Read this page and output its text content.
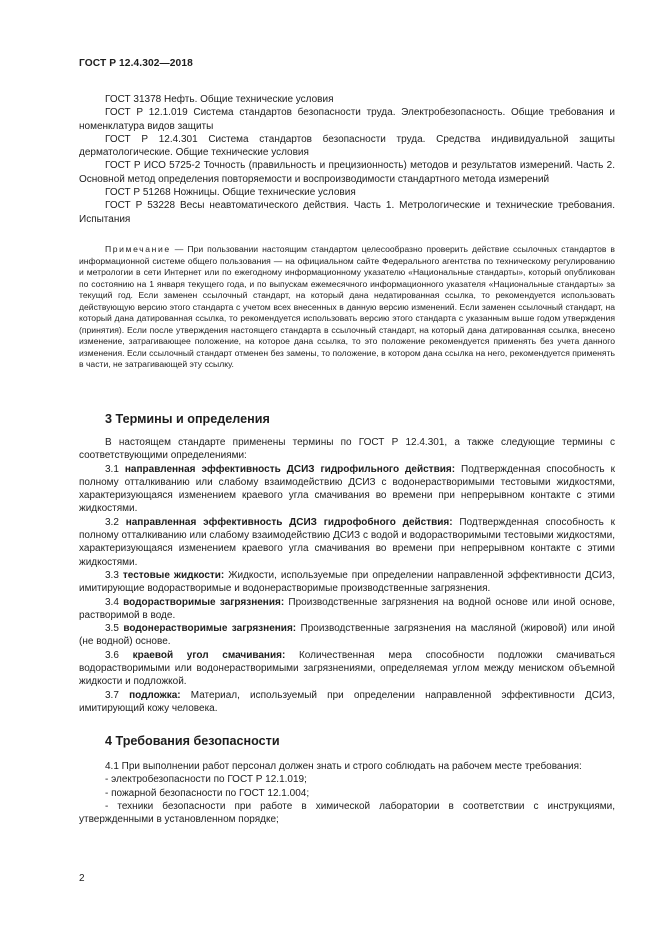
ГОСТ Р 12.4.302—2018

ГОСТ 31378 Нефть. Общие технические условия

ГОСТ Р 12.1.019 Система стандартов безопасности труда. Электробезопасность. Общие требования и номенклатура видов защиты

ГОСТ Р 12.4.301 Система стандартов безопасности труда. Средства индивидуальной защиты дерматологические. Общие технические условия

ГОСТ Р ИСО 5725-2 Точность (правильность и прецизионность) методов и результатов измерений. Часть 2. Основной метод определения повторяемости и воспроизводимости стандартного метода измерений

ГОСТ Р 51268 Ножницы. Общие технические условия

ГОСТ Р 53228 Весы неавтоматического действия. Часть 1. Метрологические и технические требования. Испытания

Примечание — При пользовании настоящим стандартом целесообразно проверить действие ссылочных стандартов в информационной системе общего пользования — на официальном сайте Федерального агентства по техническому регулированию и метрологии в сети Интернет или по ежегодному информационному указателю «Национальные стандарты», который опубликован по состоянию на 1 января текущего года, и по выпускам ежемесячного информационного указателя «Национальные стандарты» за текущий год. Если заменен ссылочный стандарт, на который дана недатированная ссылка, то рекомендуется использовать действующую версию этого стандарта с учетом всех внесенных в данную версию изменений. Если заменен ссылочный стандарт, на который дана датированная ссылка, то рекомендуется использовать версию этого стандарта с указанным выше годом утверждения (принятия). Если после утверждения настоящего стандарта в ссылочный стандарт, на который дана датированная ссылка, внесено изменение, затрагивающее положение, на которое дана ссылка, то это положение рекомендуется применять без учета данного изменения. Если ссылочный стандарт отменен без замены, то положение, в котором дана ссылка на него, рекомендуется применять в части, не затрагивающей эту ссылку.

3 Термины и определения

В настоящем стандарте применены термины по ГОСТ Р 12.4.301, а также следующие термины с соответствующими определениями:

3.1 направленная эффективность ДСИЗ гидрофильного действия: Подтвержденная способность к полному отталкиванию или слабому взаимодействию ДСИЗ с водонерастворимыми тестовыми жидкостями, характеризующаяся изменением краевого угла смачивания во времени при непрерывном контакте с этими жидкостями.

3.2 направленная эффективность ДСИЗ гидрофобного действия: Подтвержденная способность к полному отталкиванию или слабому взаимодействию ДСИЗ с водой и водорастворимыми тестовыми жидкостями, характеризующаяся изменением краевого угла смачивания во времени при непрерывном контакте с этими жидкостями.

3.3 тестовые жидкости: Жидкости, используемые при определении направленной эффективности ДСИЗ, имитирующие водорастворимые и водонерастворимые производственные загрязнения.

3.4 водорастворимые загрязнения: Производственные загрязнения на водной основе или иной основе, растворимой в воде.

3.5 водонерастворимые загрязнения: Производственные загрязнения на масляной (жировой) или иной (не водной) основе.

3.6 краевой угол смачивания: Количественная мера способности подложки смачиваться водорастворимыми или водонерастворимыми загрязнениями, определяемая углом между мениском объемной жидкости и подложкой.

3.7 подложка: Материал, используемый при определении направленной эффективности ДСИЗ, имитирующий кожу человека.

4 Требования безопасности

4.1 При выполнении работ персонал должен знать и строго соблюдать на рабочем месте требования:

- электробезопасности по ГОСТ Р 12.1.019;

- пожарной безопасности по ГОСТ 12.1.004;

- техники безопасности при работе в химической лаборатории в соответствии с инструкциями, утвержденными в установленном порядке;

2
